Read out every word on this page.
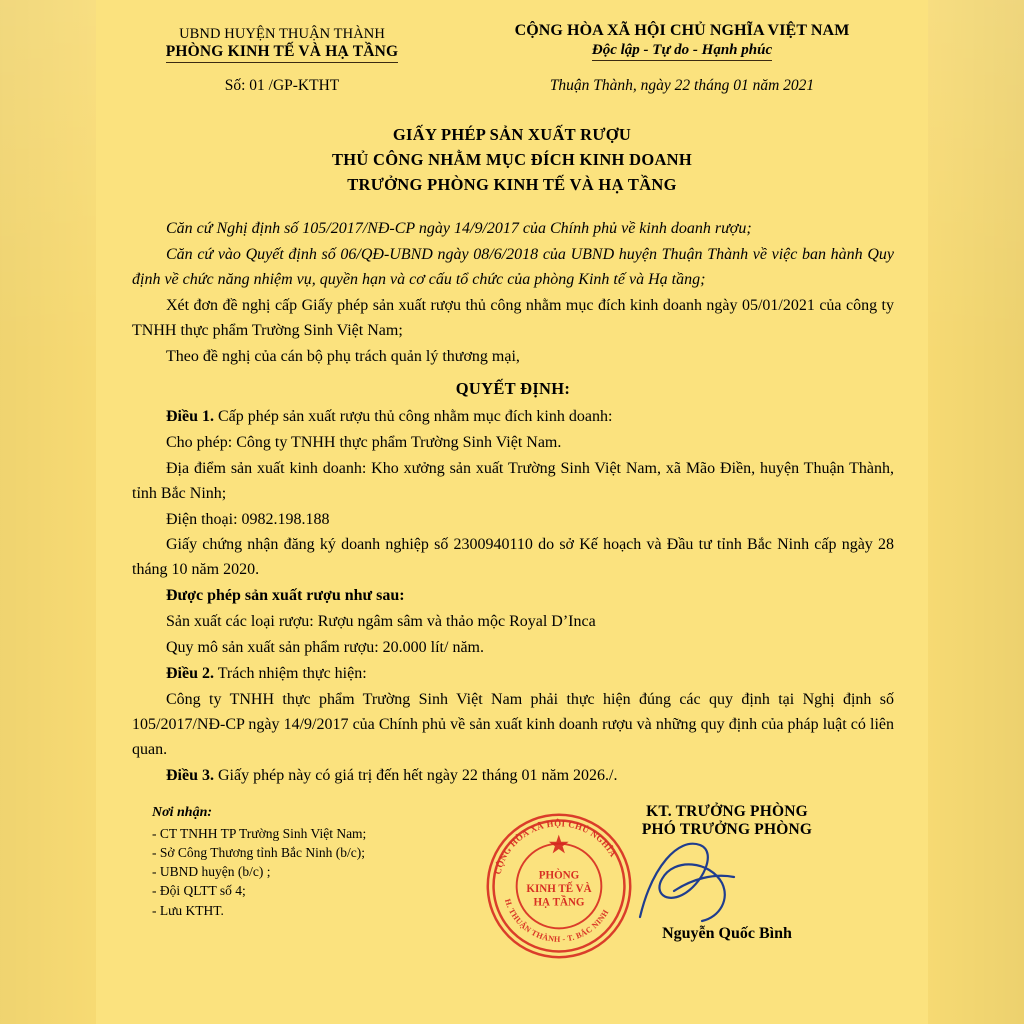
UBND HUYỆN THUẬN THÀNH
PHÒNG KINH TẾ VÀ HẠ TẦNG
CỘNG HÒA XÃ HỘI CHỦ NGHĨA VIỆT NAM
Độc lập - Tự do - Hạnh phúc
Số: 01 /GP-KTHT	Thuận Thành, ngày 22 tháng 01 năm 2021
GIẤY PHÉP SẢN XUẤT RƯỢU
THỦ CÔNG NHẰM MỤC ĐÍCH KINH DOANH
TRƯỞNG PHÒNG KINH TẾ VÀ HẠ TẦNG

Căn cứ Nghị định số 105/2017/NĐ-CP ngày 14/9/2017 của Chính phủ về kinh doanh rượu;

Căn cứ vào Quyết định số 06/QĐ-UBND ngày 08/6/2018 của UBND huyện Thuận Thành về việc ban hành Quy định về chức năng nhiệm vụ, quyền hạn và cơ cấu tổ chức của phòng Kinh tế và Hạ tầng;

Xét đơn đề nghị cấp Giấy phép sản xuất rượu thủ công nhằm mục đích kinh doanh ngày 05/01/2021 của công ty TNHH thực phẩm Trường Sinh Việt Nam;

Theo đề nghị của cán bộ phụ trách quản lý thương mại,

QUYẾT ĐỊNH:

Điều 1. Cấp phép sản xuất rượu thủ công nhằm mục đích kinh doanh:

Cho phép: Công ty TNHH thực phẩm Trường Sinh Việt Nam.

Địa điểm sản xuất kinh doanh: Kho xưởng sản xuất Trường Sinh Việt Nam, xã Mão Điền, huyện Thuận Thành, tỉnh Bắc Ninh;

Điện thoại: 0982.198.188

Giấy chứng nhận đăng ký doanh nghiệp số 2300940110 do sở Kế hoạch và Đầu tư tỉnh Bắc Ninh cấp ngày 28 tháng 10 năm 2020.

Được phép sản xuất rượu như sau:

Sản xuất các loại rượu: Rượu ngâm sâm và thảo mộc Royal D’Inca

Quy mô sản xuất sản phẩm rượu: 20.000 lít/ năm.

Điều 2. Trách nhiệm thực hiện:

Công ty TNHH thực phẩm Trường Sinh Việt Nam phải thực hiện đúng các quy định tại Nghị định số 105/2017/NĐ-CP ngày 14/9/2017 của Chính phủ về sản xuất kinh doanh rượu và những quy định của pháp luật có liên quan.

Điều 3. Giấy phép này có giá trị đến hết ngày 22 tháng 01 năm 2026./.

Nơi nhận:
- CT TNHH TP Trường Sinh Việt Nam;
- Sở Công Thương tỉnh Bắc Ninh (b/c);
- UBND huyện (b/c) ;
- Đội QLTT số 4;
- Lưu KTHT.
KT. TRƯỞNG PHÒNG
PHÓ TRƯỞNG PHÒNG
CỘNG HÒA XÃ HỘI CHỦ NGHĨA
H. THUẬN THÀNH - T. BẮC NINH
PHÒNG
KINH TẾ VÀ
HẠ TẦNG
Nguyễn Quốc Bình
